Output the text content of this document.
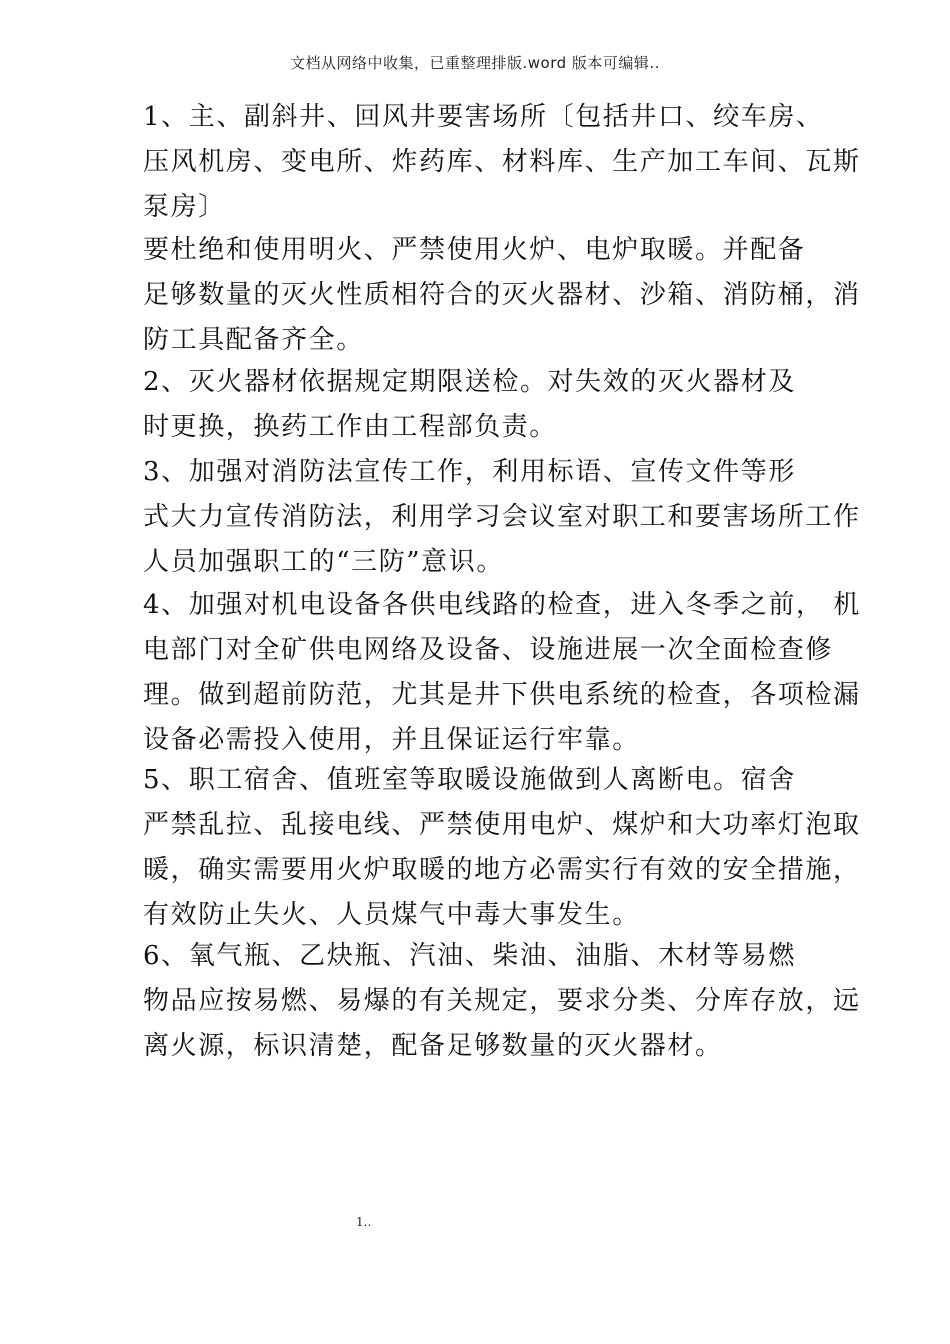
文档从网络中收集，已重整理排版.word 版本可编辑..
1、主、副斜井、回风井要害场所〔包括井口、绞车房、
压风机房、变电所、炸药库、材料库、生产加工车间、瓦斯
泵房〕
要杜绝和使用明火、严禁使用火炉、电炉取暖。并配备
足够数量的灭火性质相符合的灭火器材、沙箱、消防桶，消
防工具配备齐全。
2、灭火器材依据规定期限送检。对失效的灭火器材及
时更换，换药工作由工程部负责。
3、加强对消防法宣传工作，利用标语、宣传文件等形
式大力宣传消防法，利用学习会议室对职工和要害场所工作
人员加强职工的“三防”意识。
4、加强对机电设备各供电线路的检查，进入冬季之前， 机
电部门对全矿供电网络及设备、设施进展一次全面检查修
理。做到超前防范，尤其是井下供电系统的检查，各项检漏
设备必需投入使用，并且保证运行牢靠。
5、职工宿舍、值班室等取暖设施做到人离断电。宿舍
严禁乱拉、乱接电线、严禁使用电炉、煤炉和大功率灯泡取
暖，确实需要用火炉取暖的地方必需实行有效的安全措施，
有效防止失火、人员煤气中毒大事发生。
6、氧气瓶、乙炔瓶、汽油、柴油、油脂、木材等易燃
物品应按易燃、易爆的有关规定，要求分类、分库存放，远
离火源，标识清楚，配备足够数量的灭火器材。
1..
